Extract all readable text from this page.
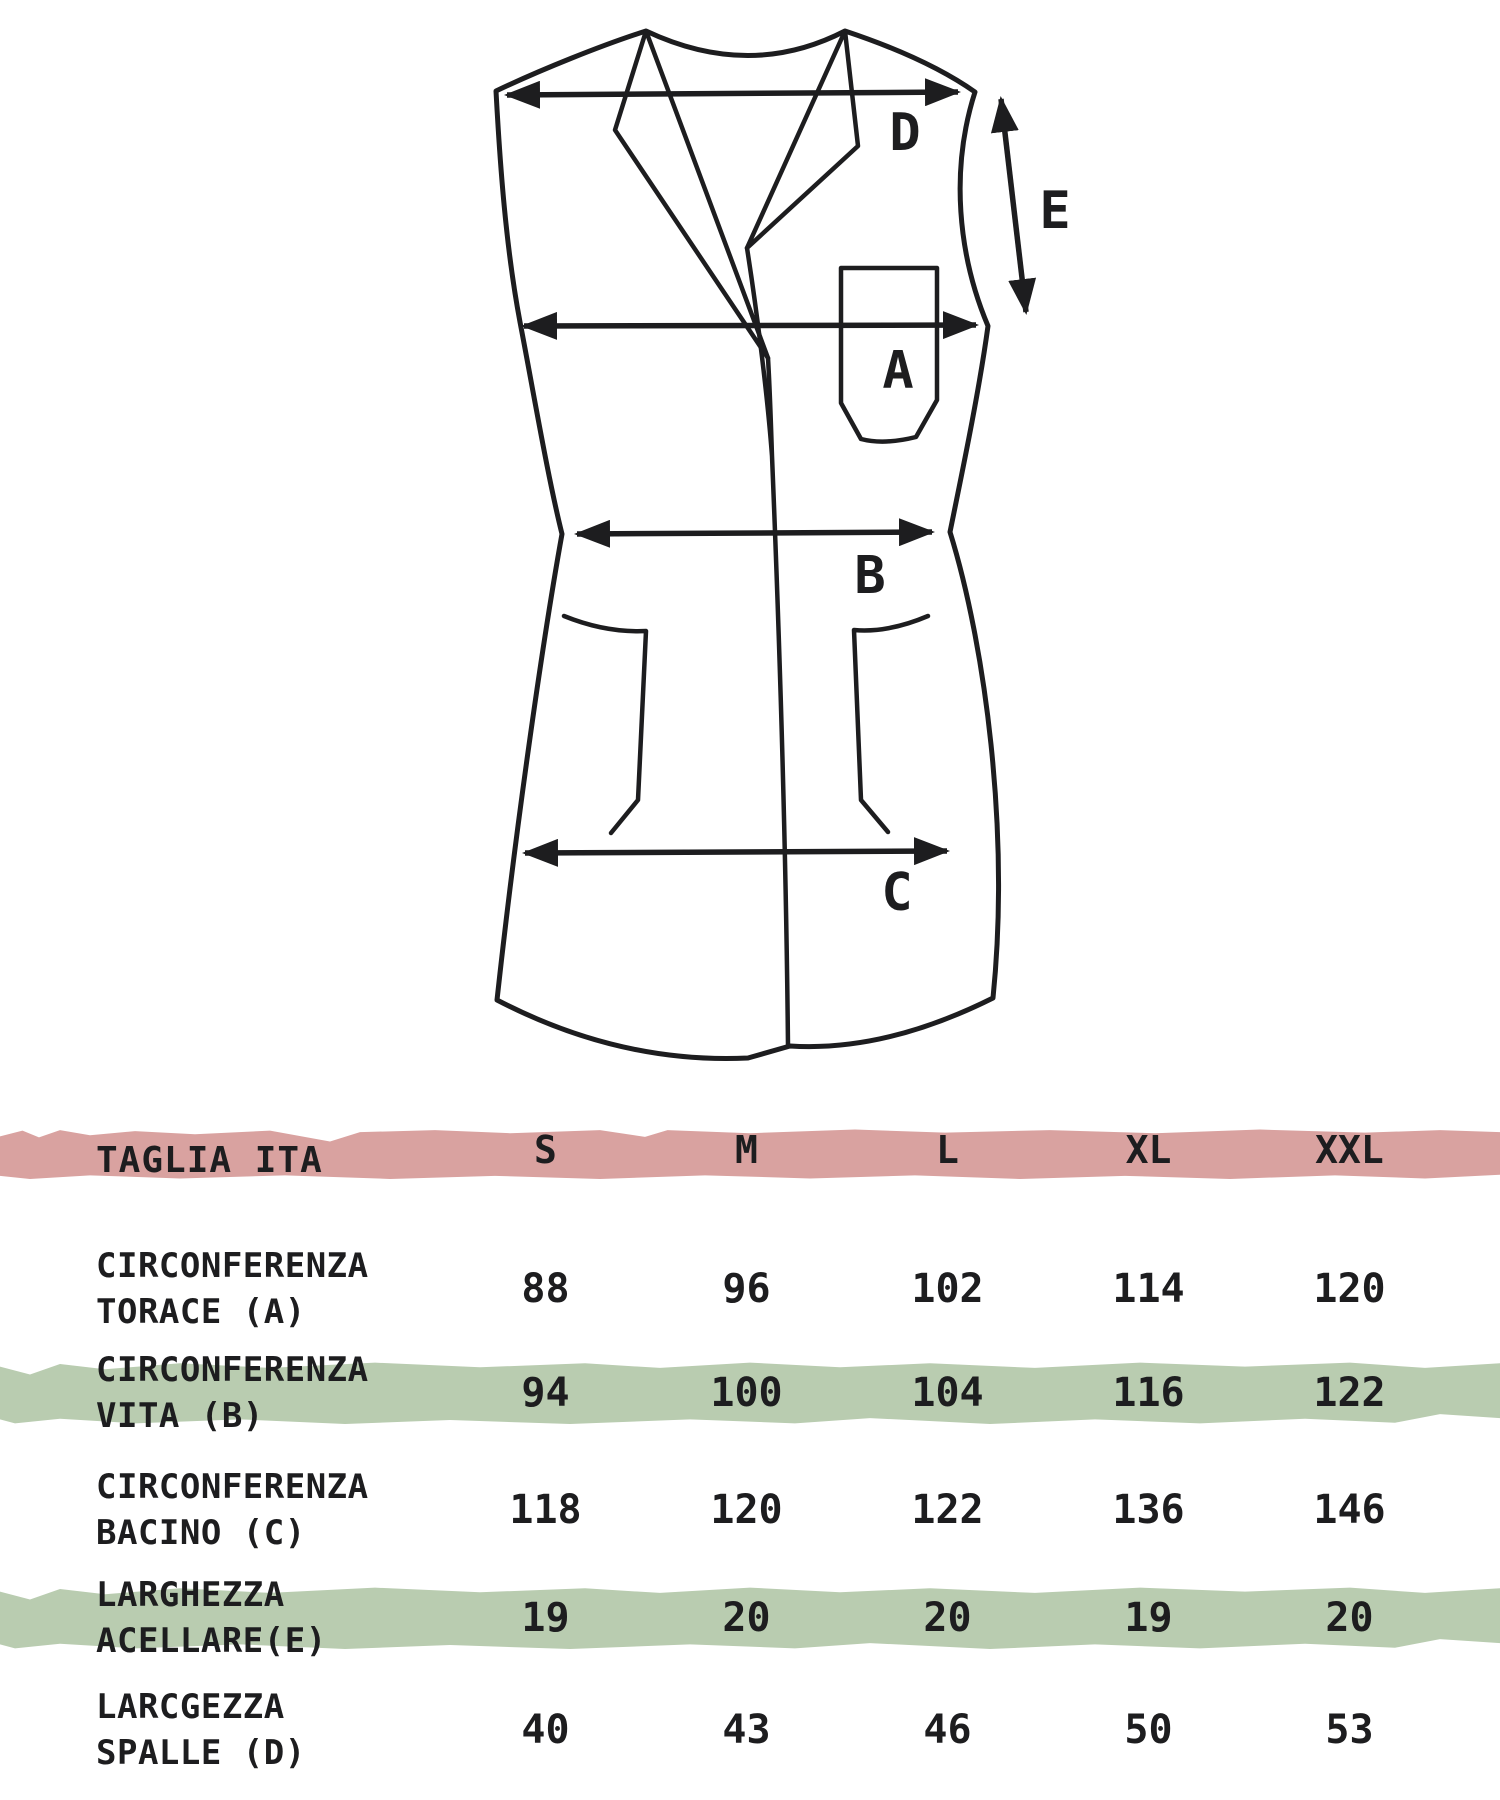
D
E
A
B
C
TAGLIA ITA	S	M	L	XL	XXL
CIRCONFERENZA
TORACE (A)	88	96	102	114	120
CIRCONFERENZA
VITA (B)	94	100	104	116	122
CIRCONFERENZA
BACINO (C)	118	120	122	136	146
LARGHEZZA
ACELLARE(E)	19	20	20	19	20
LARCGEZZA
SPALLE (D)	40	43	46	50	53
